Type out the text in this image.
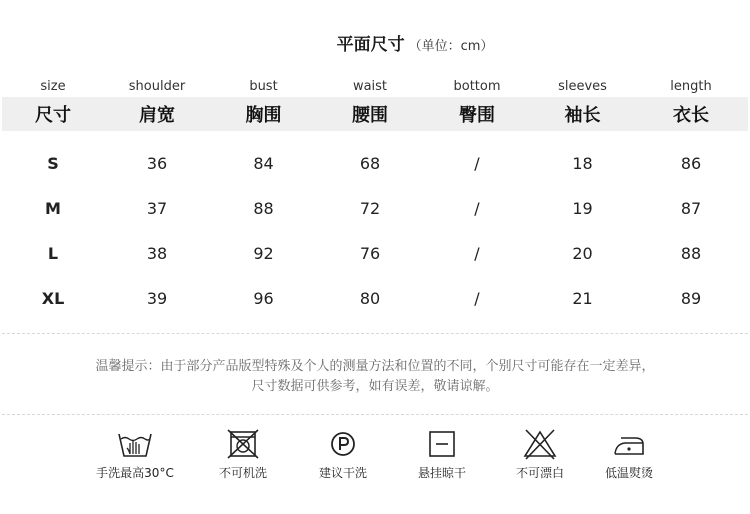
平面尺寸 （单位：cm）
size	shoulder	bust	waist	bottom	sleeves	length
尺寸	肩宽	胸围	腰围	臀围	袖长	衣长
S	36	84	68	/	18	86
M	37	88	72	/	19	87
L	38	92	76	/	20	88
XL	39	96	80	/	21	89
温馨提示：由于部分产品版型特殊及个人的测量方法和位置的不同，个别尺寸可能存在一定差异，
尺寸数据可供参考，如有误差，敬请谅解。
手洗最高30°C	不可机洗	建议干洗	悬挂晾干	不可漂白	低温熨烫
